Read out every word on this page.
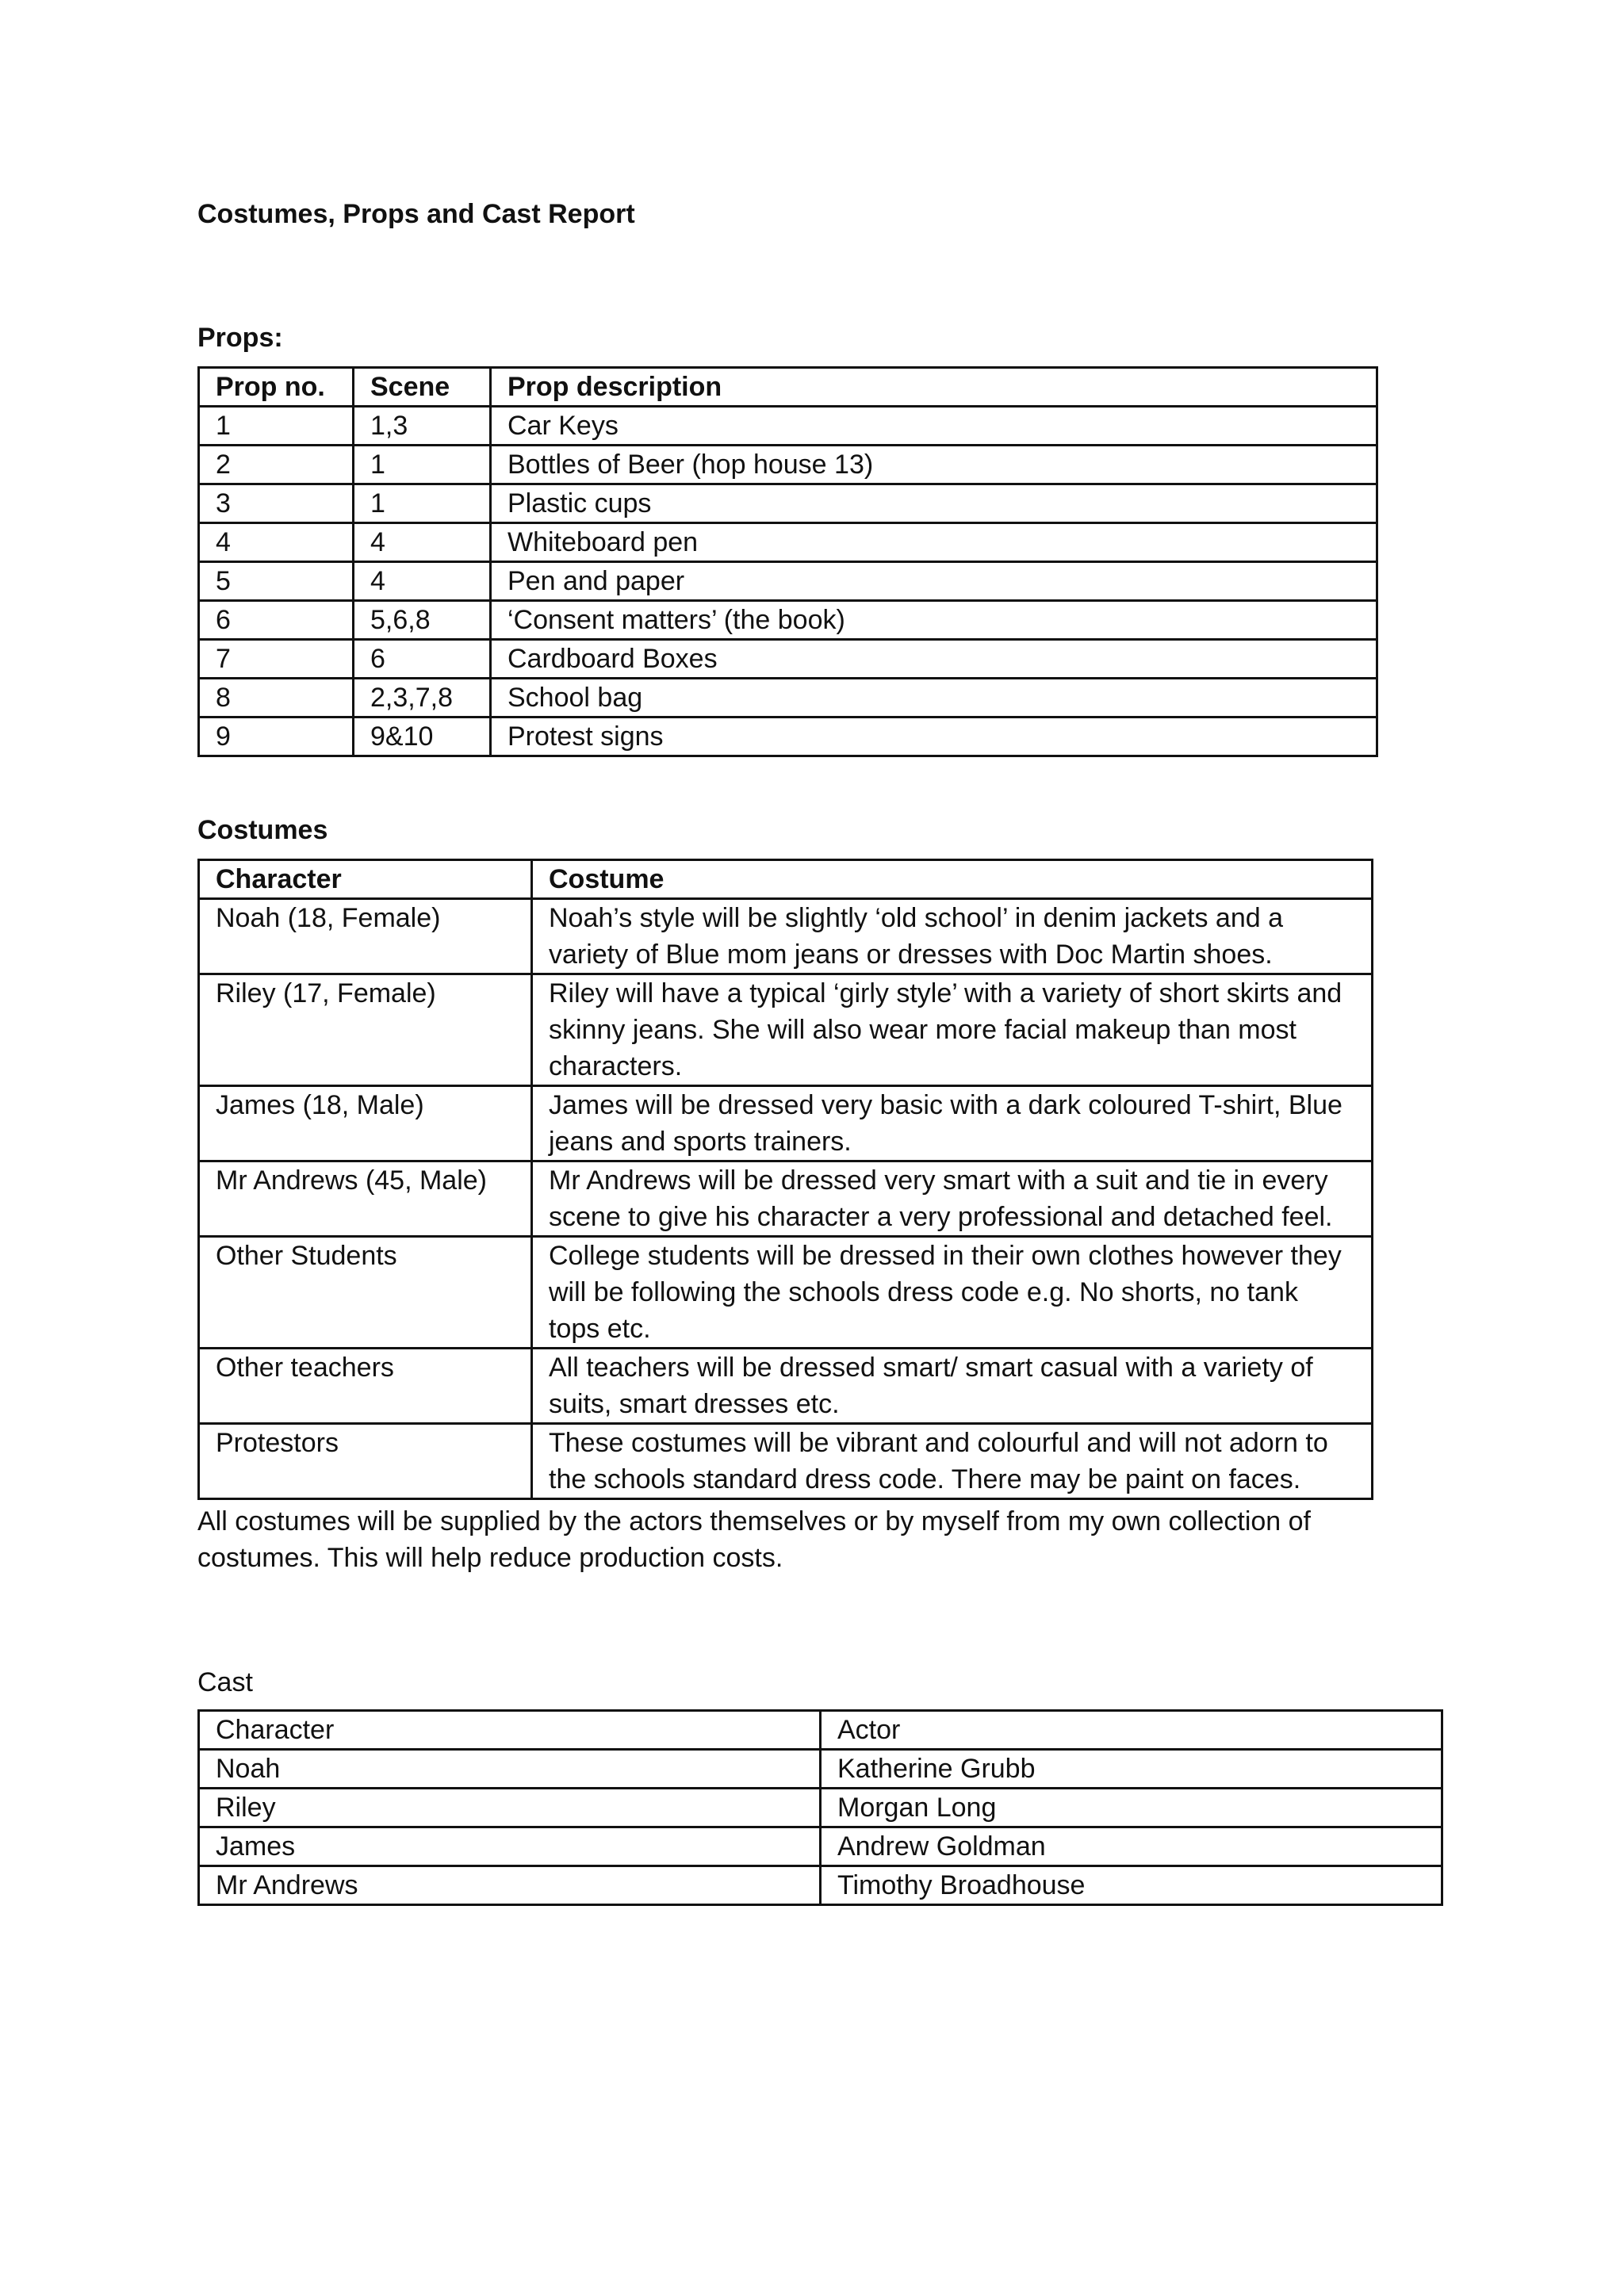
Costumes, Props and Cast Report

Props:

Prop no.	Scene	Prop description
1	1,3	Car Keys
2	1	Bottles of Beer (hop house 13)
3	1	Plastic cups
4	4	Whiteboard pen
5	4	Pen and paper
6	5,6,8	‘Consent matters’ (the book)
7	6	Cardboard Boxes
8	2,3,7,8	School bag
9	9&10	Protest signs

Costumes

Character	Costume
Noah (18, Female)	Noah’s style will be slightly ‘old school’ in denim jackets and a variety of Blue mom jeans or dresses with Doc Martin shoes.
Riley (17, Female)	Riley will have a typical ‘girly style’ with a variety of short skirts and skinny jeans. She will also wear more facial makeup than most characters.
James (18, Male)	James will be dressed very basic with a dark coloured T-shirt, Blue jeans and sports trainers.
Mr Andrews (45, Male)	Mr Andrews will be dressed very smart with a suit and tie in every scene to give his character a very professional and detached feel.
Other Students	College students will be dressed in their own clothes however they will be following the schools dress code e.g. No shorts, no tank tops etc.
Other teachers	All teachers will be dressed smart/ smart casual with a variety of suits, smart dresses etc.
Protestors	These costumes will be vibrant and colourful and will not adorn to the schools standard dress code. There may be paint on faces.

All costumes will be supplied by the actors themselves or by myself from my own collection of costumes. This will help reduce production costs.

Cast

Character	Actor
Noah	Katherine Grubb
Riley	Morgan Long
James	Andrew Goldman
Mr Andrews	Timothy Broadhouse
